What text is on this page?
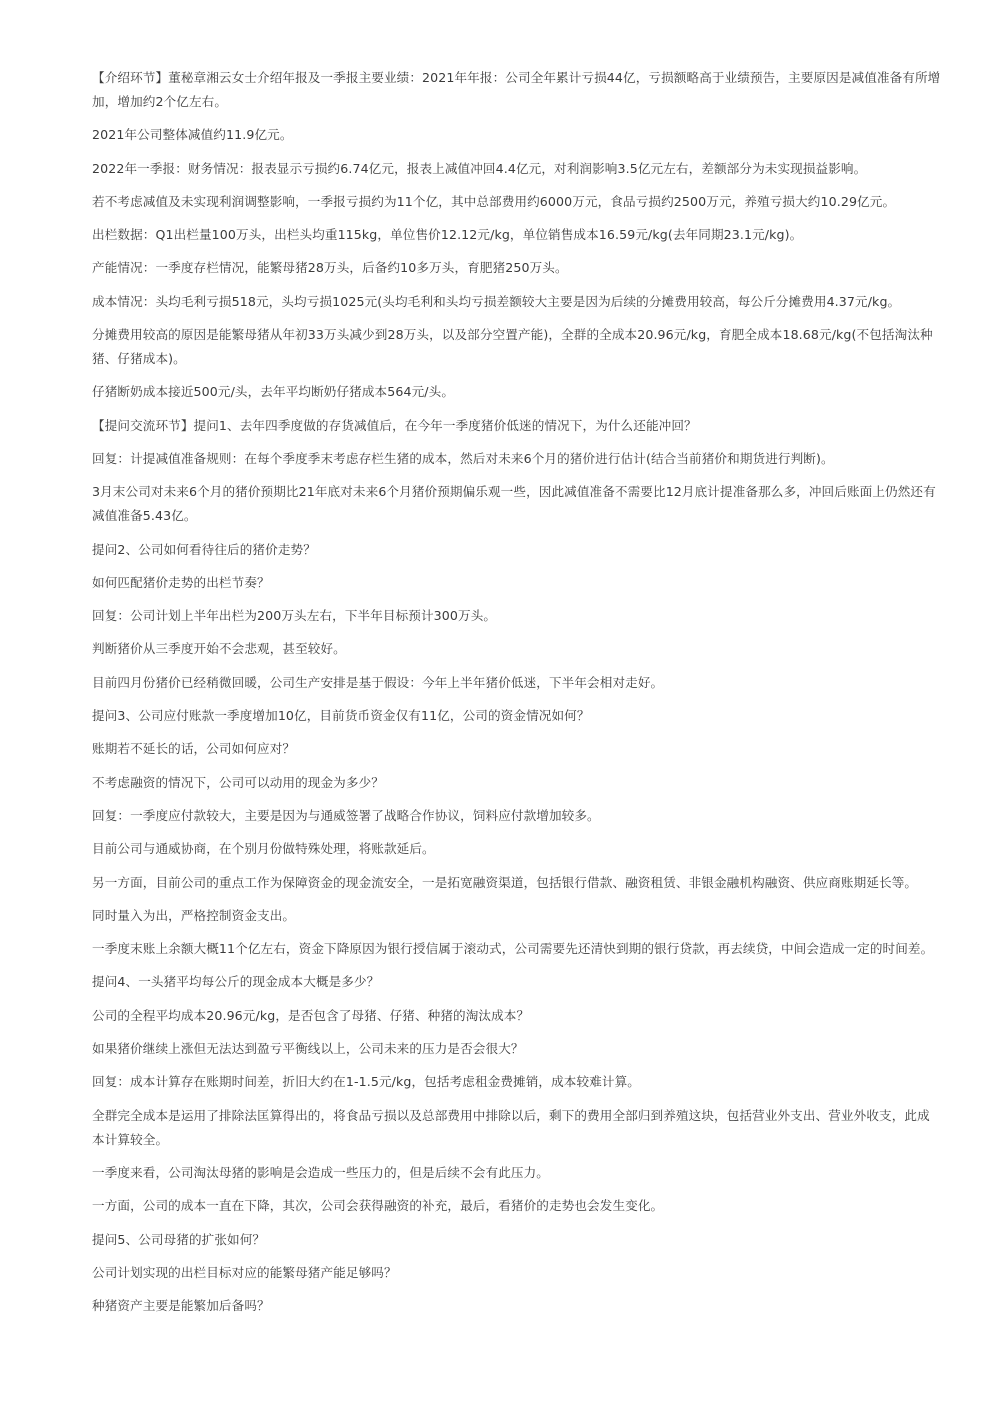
【介绍环节】董秘章湘云女士介绍年报及一季报主要业绩：2021年年报：公司全年累计亏损44亿，亏损额略高于业绩预告，主要原因是减值准备有所增加，增加约2个亿左右。

2021年公司整体减值约11.9亿元。

2022年一季报：财务情况：报表显示亏损约6.74亿元，报表上减值冲回4.4亿元，对利润影响3.5亿元左右，差额部分为未实现损益影响。

若不考虑减值及未实现利润调整影响，一季报亏损约为11个亿，其中总部费用约6000万元，食品亏损约2500万元，养殖亏损大约10.29亿元。

出栏数据：Q1出栏量100万头，出栏头均重115kg，单位售价12.12元/kg，单位销售成本16.59元/kg(去年同期23.1元/kg)。

产能情况：一季度存栏情况，能繁母猪28万头，后备约10多万头，育肥猪250万头。

成本情况：头均毛利亏损518元，头均亏损1025元(头均毛利和头均亏损差额较大主要是因为后续的分摊费用较高，每公斤分摊费用4.37元/kg。

分摊费用较高的原因是能繁母猪从年初33万头减少到28万头，以及部分空置产能)，全群的全成本20.96元/kg，育肥全成本18.68元/kg(不包括淘汰种猪、仔猪成本)。

仔猪断奶成本接近500元/头，去年平均断奶仔猪成本564元/头。

【提问交流环节】提问1、去年四季度做的存货减值后，在今年一季度猪价低迷的情况下，为什么还能冲回？

回复：计提减值准备规则：在每个季度季末考虑存栏生猪的成本，然后对未来6个月的猪价进行估计(结合当前猪价和期货进行判断)。

3月末公司对未来6个月的猪价预期比21年底对未来6个月猪价预期偏乐观一些，因此减值准备不需要比12月底计提准备那么多，冲回后账面上仍然还有减值准备5.43亿。

提问2、公司如何看待往后的猪价走势？

如何匹配猪价走势的出栏节奏？

回复：公司计划上半年出栏为200万头左右，下半年目标预计300万头。

判断猪价从三季度开始不会悲观，甚至较好。

目前四月份猪价已经稍微回暖，公司生产安排是基于假设：今年上半年猪价低迷，下半年会相对走好。

提问3、公司应付账款一季度增加10亿，目前货币资金仅有11亿，公司的资金情况如何？

账期若不延长的话，公司如何应对？

不考虑融资的情况下，公司可以动用的现金为多少？

回复：一季度应付款较大，主要是因为与通威签署了战略合作协议，饲料应付款增加较多。

目前公司与通威协商，在个别月份做特殊处理，将账款延后。

另一方面，目前公司的重点工作为保障资金的现金流安全，一是拓宽融资渠道，包括银行借款、融资租赁、非银金融机构融资、供应商账期延长等。

同时量入为出，严格控制资金支出。

一季度末账上余额大概11个亿左右，资金下降原因为银行授信属于滚动式，公司需要先还清快到期的银行贷款，再去续贷，中间会造成一定的时间差。

提问4、一头猪平均每公斤的现金成本大概是多少？

公司的全程平均成本20.96元/kg，是否包含了母猪、仔猪、种猪的淘汰成本？

如果猪价继续上涨但无法达到盈亏平衡线以上，公司未来的压力是否会很大？

回复：成本计算存在账期时间差，折旧大约在1-1.5元/kg，包括考虑租金费摊销，成本较难计算。

全群完全成本是运用了排除法匡算得出的，将食品亏损以及总部费用中排除以后，剩下的费用全部归到养殖这块，包括营业外支出、营业外收支，此成本计算较全。

一季度来看，公司淘汰母猪的影响是会造成一些压力的，但是后续不会有此压力。

一方面，公司的成本一直在下降，其次，公司会获得融资的补充，最后，看猪价的走势也会发生变化。

提问5、公司母猪的扩张如何？

公司计划实现的出栏目标对应的能繁母猪产能足够吗？

种猪资产主要是能繁加后备吗？
